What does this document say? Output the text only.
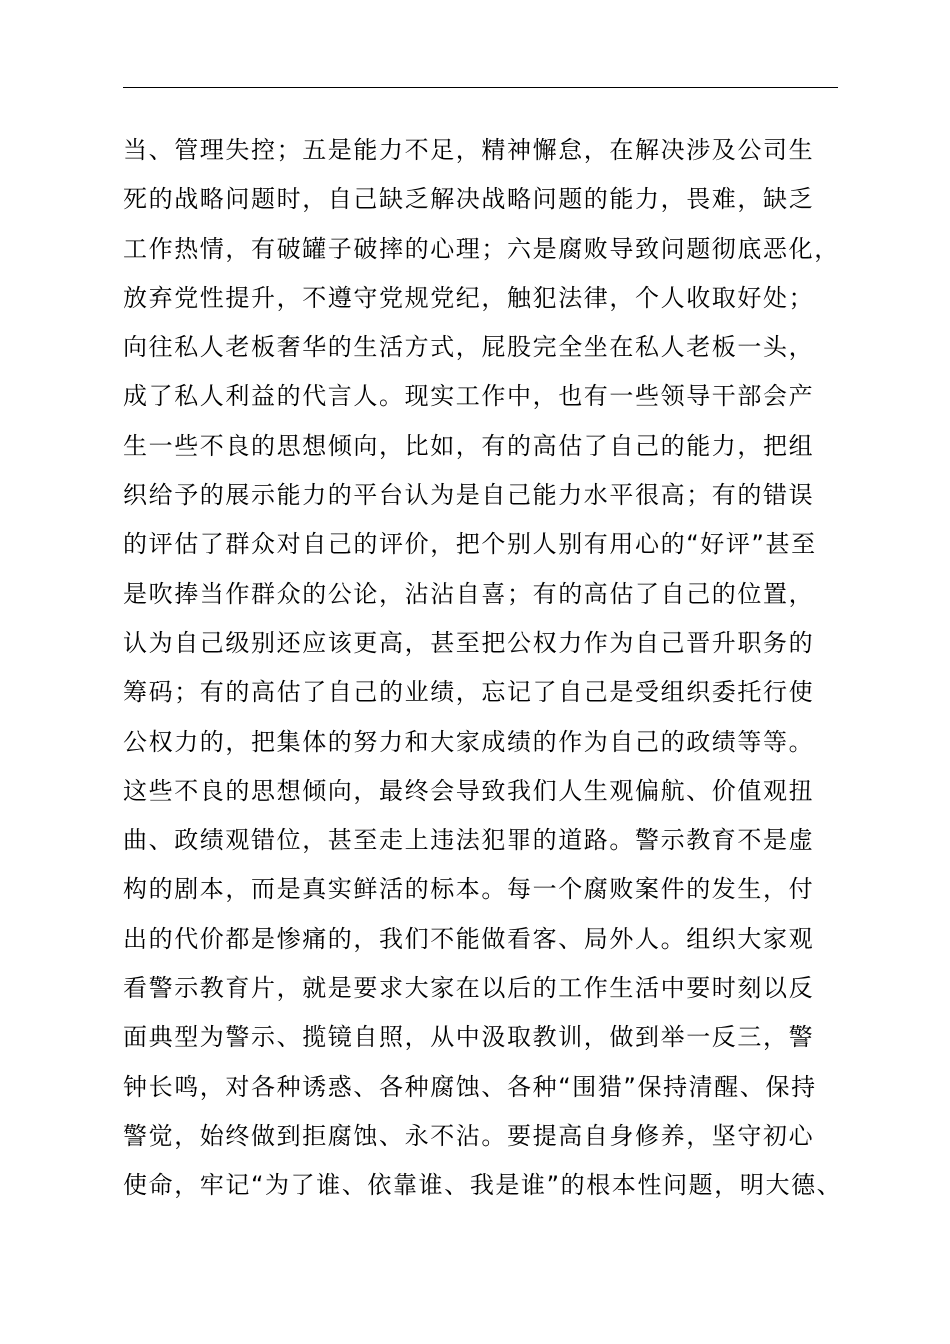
当、管理失控；五是能力不足，精神懈怠，在解决涉及公司生
死的战略问题时，自己缺乏解决战略问题的能力，畏难，缺乏
工作热情，有破罐子破摔的心理；六是腐败导致问题彻底恶化，
放弃党性提升，不遵守党规党纪，触犯法律，个人收取好处；
向往私人老板奢华的生活方式，屁股完全坐在私人老板一头，
成了私人利益的代言人。现实工作中，也有一些领导干部会产
生一些不良的思想倾向，比如，有的高估了自己的能力，把组
织给予的展示能力的平台认为是自己能力水平很高；有的错误
的评估了群众对自己的评价，把个别人别有用心的“好评”甚至
是吹捧当作群众的公论，沾沾自喜；有的高估了自己的位置，
认为自己级别还应该更高，甚至把公权力作为自己晋升职务的
筹码；有的高估了自己的业绩，忘记了自己是受组织委托行使
公权力的，把集体的努力和大家成绩的作为自己的政绩等等。
这些不良的思想倾向，最终会导致我们人生观偏航、价值观扭
曲、政绩观错位，甚至走上违法犯罪的道路。警示教育不是虚
构的剧本，而是真实鲜活的标本。每一个腐败案件的发生，付
出的代价都是惨痛的，我们不能做看客、局外人。组织大家观
看警示教育片，就是要求大家在以后的工作生活中要时刻以反
面典型为警示、揽镜自照，从中汲取教训，做到举一反三，警
钟长鸣，对各种诱惑、各种腐蚀、各种“围猎”保持清醒、保持
警觉，始终做到拒腐蚀、永不沾。要提高自身修养，坚守初心
使命，牢记“为了谁、依靠谁、我是谁”的根本性问题，明大德、
